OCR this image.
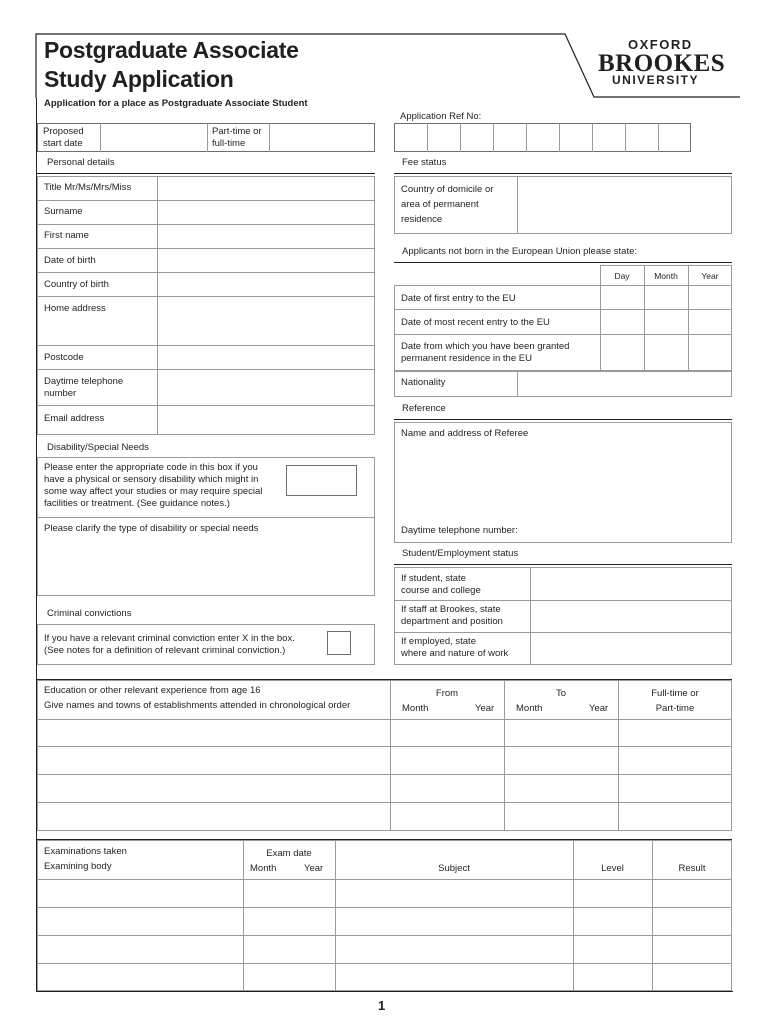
Postgraduate Associate
Study Application
OXFORD
BROOKES
UNIVERSITY
Application for a place as Postgraduate Associate Student
Application Ref No:
Proposed
start date
Part-time or
full-time
Personal details
Title Mr/Ms/Mrs/Miss
Surname
First name
Date of birth
Country of birth
Home address
Postcode
Daytime telephone
number
Email address
Disability/Special Needs
Please enter the appropriate code in this box if you
have a physical or sensory disability which might in
some way affect your studies or may require special
facilities or treatment. (See guidance notes.)
Please clarify the type of disability or special needs
Criminal convictions
If you have a relevant criminal conviction enter X in the box.
(See notes for a definition of relevant criminal conviction.)
Fee status
Country of domicile or
area of permanent
residence
Applicants not born in the European Union please state:
Day	Month	Year
Date of first entry to the EU
Date of most recent entry to the EU
Date from which you have been granted
permanent residence in the EU
Nationality
Reference
Name and address of Referee
Daytime telephone number:
Student/Employment status
If student, state
course and college
If staff at Brookes, state
department and position
If employed, state
where and nature of work
Education or other relevant experience from age 16
Give names and towns of establishments attended in chronological order
From
Month	Year
To
Month	Year
Full-time or
Part-time
Examinations taken
Examining body
Exam date
Month	Year	Subject	Level	Result
1
